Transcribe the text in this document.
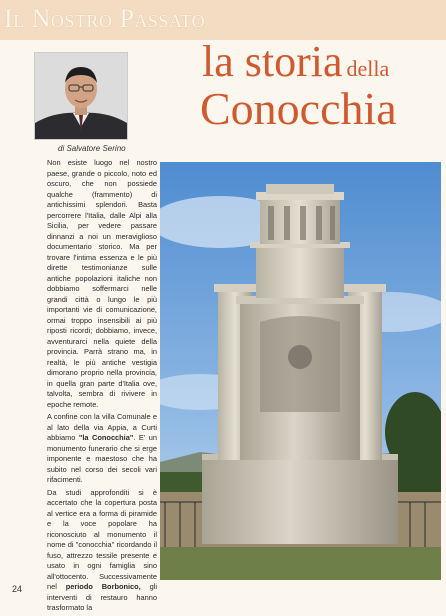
Il Nostro Passato
di Salvatore Serino
la storia della
Conocchia

Non esiste luogo nel nostro paese, grande o piccolo, noto ed oscuro, che non possiede qualche (frammento) di antichissimi splendori. Basta percorrere l'Italia, dalle Alpi alla Sicilia, per vedere passare dinnanzi a noi un meraviglioso documentario storico. Ma per trovare l'intima essenza e le più dirette testimonianze sulle antiche popolazioni italiche non dobbiamo soffermarci nelle grandi città o lungo le più importanti vie di comunicazione, ormai troppo insensibili ai più riposti ricordi; dobbiamo, invece, avventurarci nella quiete della provincia. Parrà strano ma, in realtà, le più antiche vestigia dimorano proprio nella provincia, in quella gran parte d'Italia ove, talvolta, sembra di rivivere in epoche remote.

A confine con la villa Comunale e al lato della via Appia, a Curti abbiamo "la Conocchia". E' un monumento funerario che si erge imponente e maestoso che ha subito nel corso dei secoli vari rifacimenti.

Da studi approfonditi si è accertato che la copertura posta al vertice era a forma di piramide e la voce popolare ha riconosciuto al monumento il nome di "conocchia" ricordando il fuso, attrezzo tessile presente e usato in ogni famiglia sino all'ottocento. Successivamente nel periodo Borbonico, gli interventi di restauro hanno trasformato la

24
